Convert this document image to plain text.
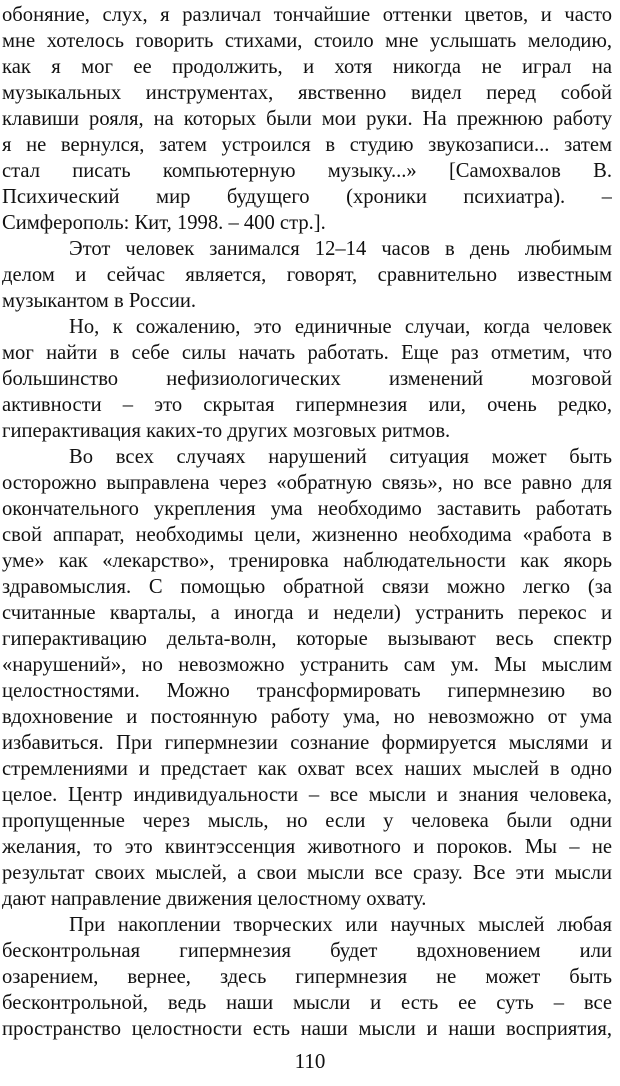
обоняние, слух, я различал тончайшие оттенки цветов, и часто
мне хотелось говорить стихами, стоило мне услышать мелодию,
как я мог ее продолжить, и хотя никогда не играл на
музыкальных инструментах, явственно видел перед собой
клавиши рояля, на которых были мои руки. На прежнюю работу
я не вернулся, затем устроился в студию звукозаписи... затем
стал писать компьютерную музыку...» [Самохвалов В.
Психический мир будущего (хроники психиатра). –
Симферополь: Кит, 1998. – 400 стр.].
Этот человек занимался 12–14 часов в день любимым
делом и сейчас является, говорят, сравнительно известным
музыкантом в России.
Но, к сожалению, это единичные случаи, когда человек
мог найти в себе силы начать работать. Еще раз отметим, что
большинство нефизиологических изменений мозговой
активности – это скрытая гипермнезия или, очень редко,
гиперактивация каких-то других мозговых ритмов.
Во всех случаях нарушений ситуация может быть
осторожно выправлена через «обратную связь», но все равно для
окончательного укрепления ума необходимо заставить работать
свой аппарат, необходимы цели, жизненно необходима «работа в
уме» как «лекарство», тренировка наблюдательности как якорь
здравомыслия. С помощью обратной связи можно легко (за
считанные кварталы, а иногда и недели) устранить перекос и
гиперактивацию дельта-волн, которые вызывают весь спектр
«нарушений», но невозможно устранить сам ум. Мы мыслим
целостностями. Можно трансформировать гипермнезию во
вдохновение и постоянную работу ума, но невозможно от ума
избавиться. При гипермнезии сознание формируется мыслями и
стремлениями и предстает как охват всех наших мыслей в одно
целое. Центр индивидуальности – все мысли и знания человека,
пропущенные через мысль, но если у человека были одни
желания, то это квинтэссенция животного и пороков. Мы – не
результат своих мыслей, а свои мысли все сразу. Все эти мысли
дают направление движения целостному охвату.
При накоплении творческих или научных мыслей любая
бесконтрольная гипермнезия будет вдохновением или
озарением, вернее, здесь гипермнезия не может быть
бесконтрольной, ведь наши мысли и есть ее суть – все
пространство целостности есть наши мысли и наши восприятия,
110
